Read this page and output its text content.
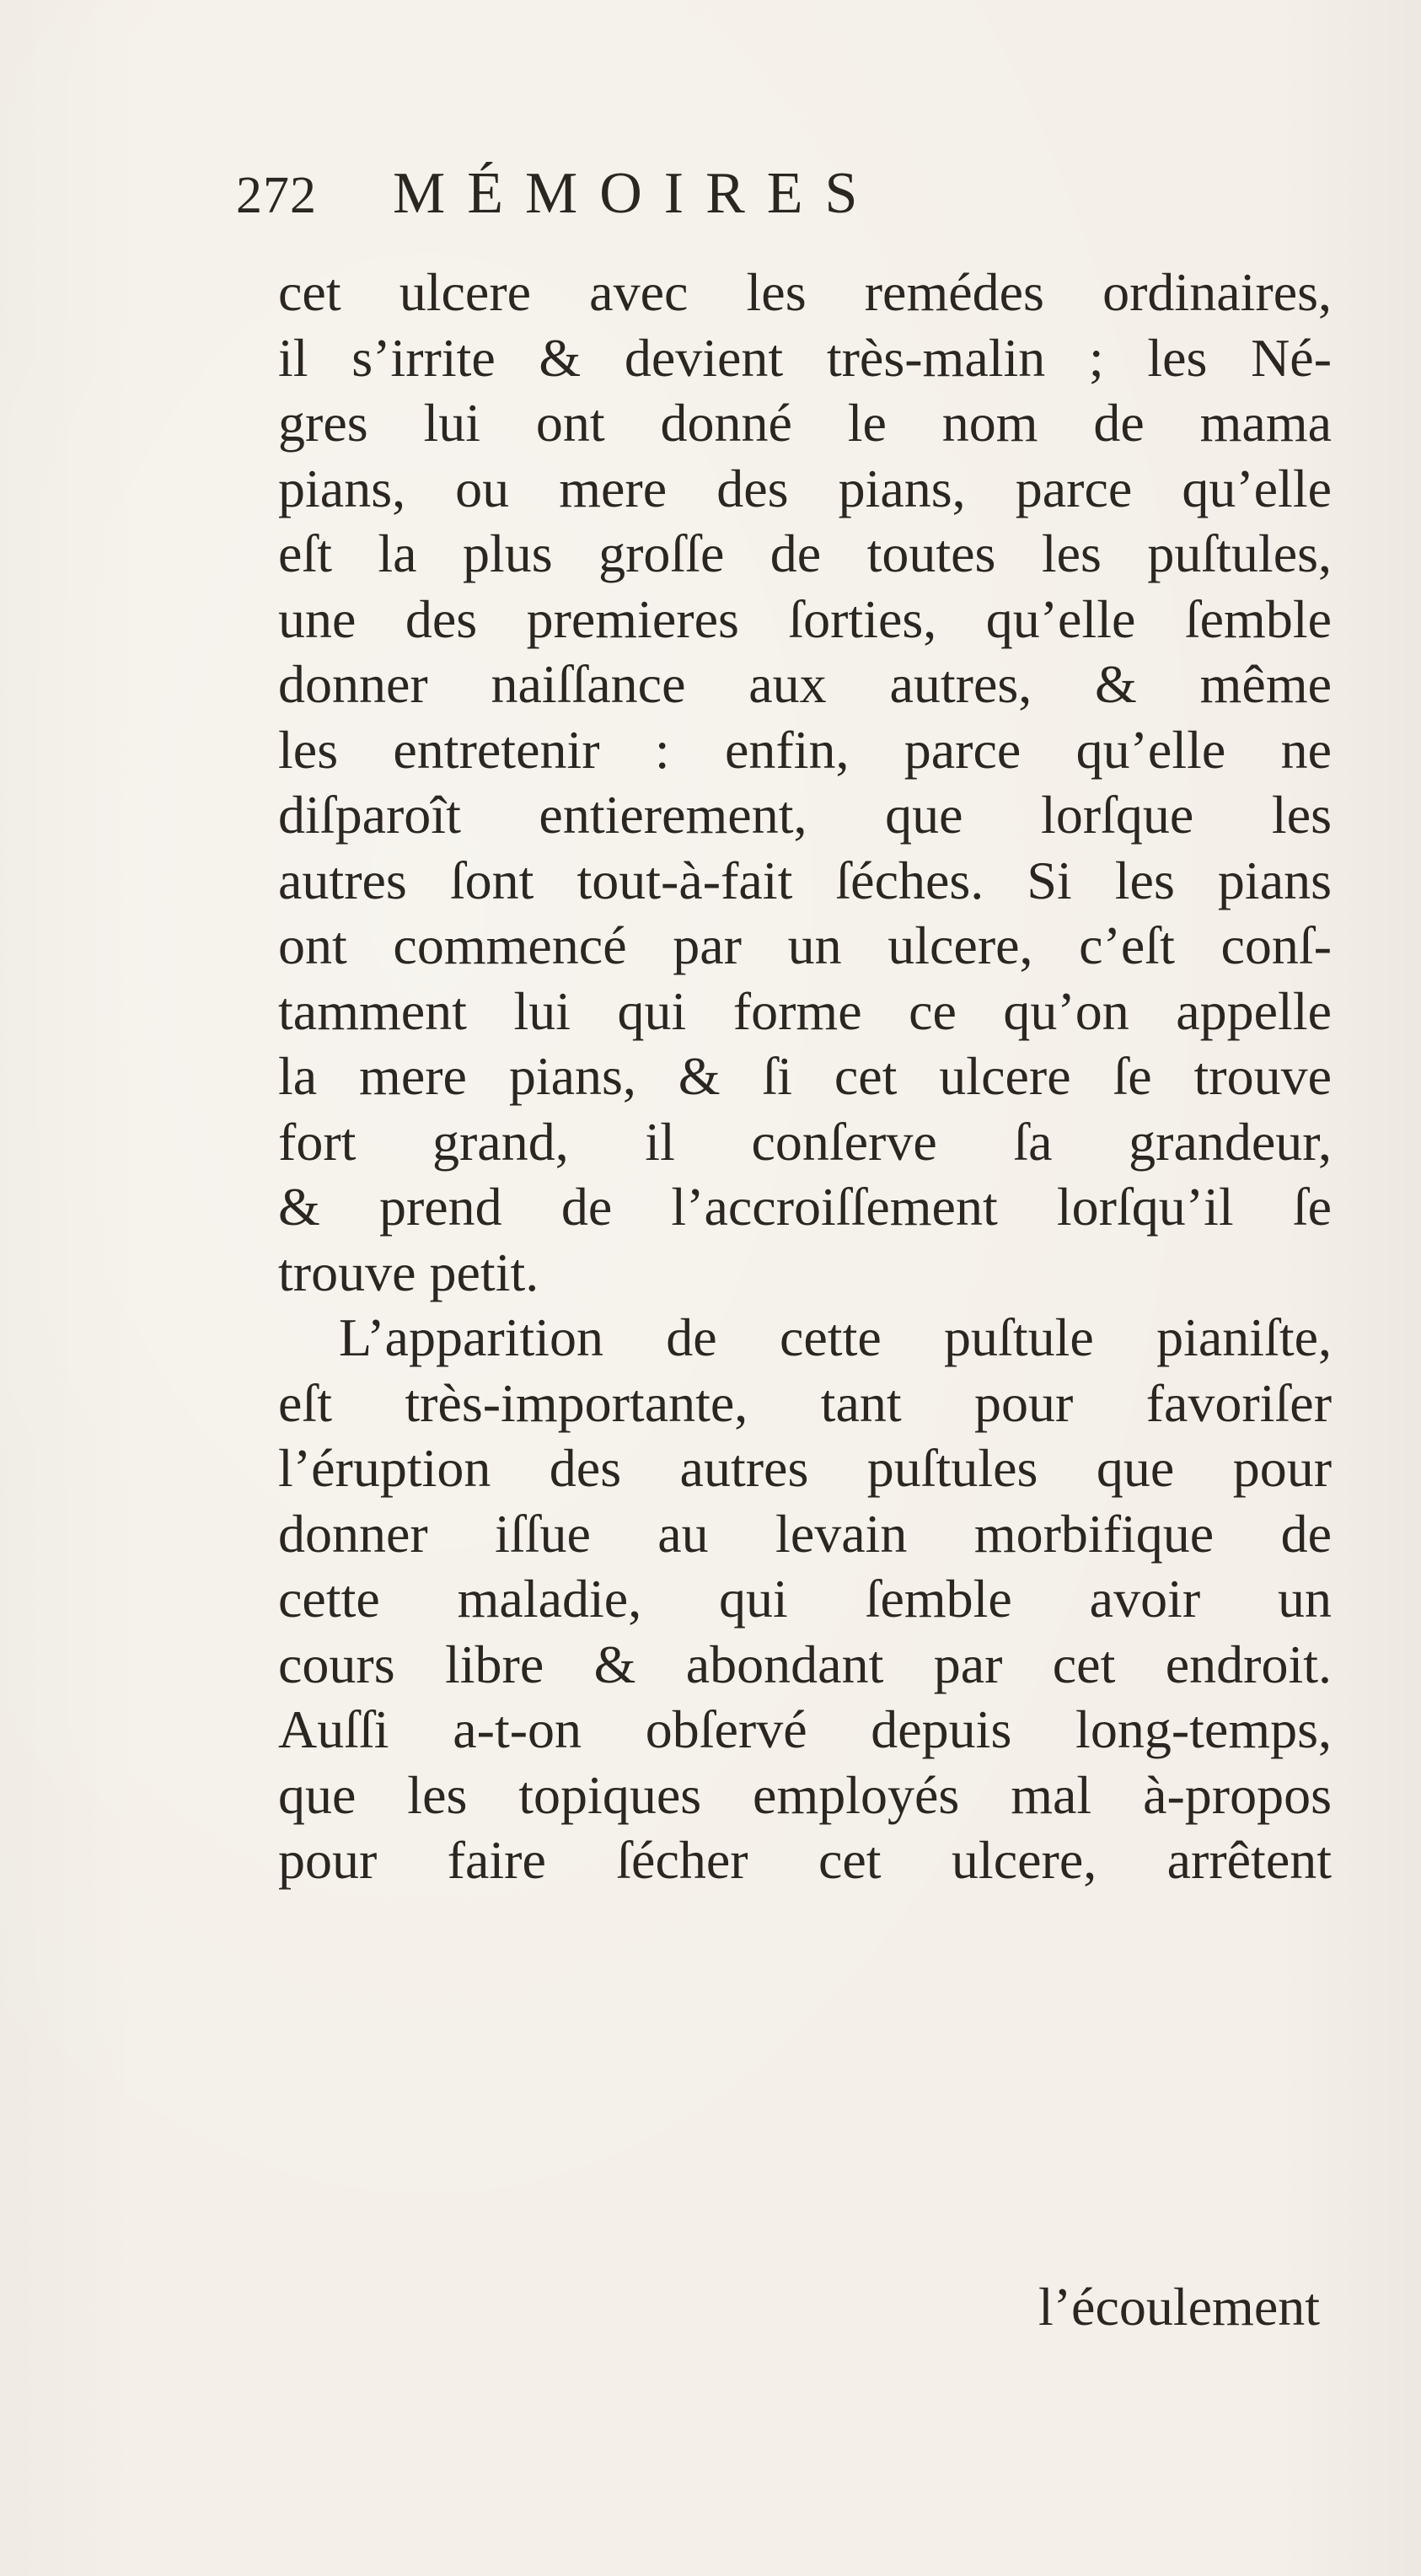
272 MÉMOIRES
cet ulcere avec les remédes ordinaires,
il s’irrite & devient très-malin ; les Né-
gres lui ont donné le nom de mama
pians, ou mere des pians, parce qu’elle
eſt la plus groſſe de toutes les puſtules,
une des premieres ſorties, qu’elle ſemble
donner naiſſance aux autres, & même
les entretenir : enfin, parce qu’elle ne
diſparoît entierement, que lorſque les
autres ſont tout-à-fait ſéches. Si les pians
ont commencé par un ulcere, c’eſt conſ-
tamment lui qui forme ce qu’on appelle
la mere pians, & ſi cet ulcere ſe trouve
fort grand, il conſerve ſa grandeur,
& prend de l’accroiſſement lorſqu’il ſe
trouve petit.
L’apparition de cette puſtule pianiſte,
eſt très-importante, tant pour favoriſer
l’éruption des autres puſtules que pour
donner iſſue au levain morbifique de
cette maladie, qui ſemble avoir un
cours libre & abondant par cet endroit.
Auſſi a-t-on obſervé depuis long-temps,
que les topiques employés mal à-propos
pour faire ſécher cet ulcere, arrêtent
l’écoulement
